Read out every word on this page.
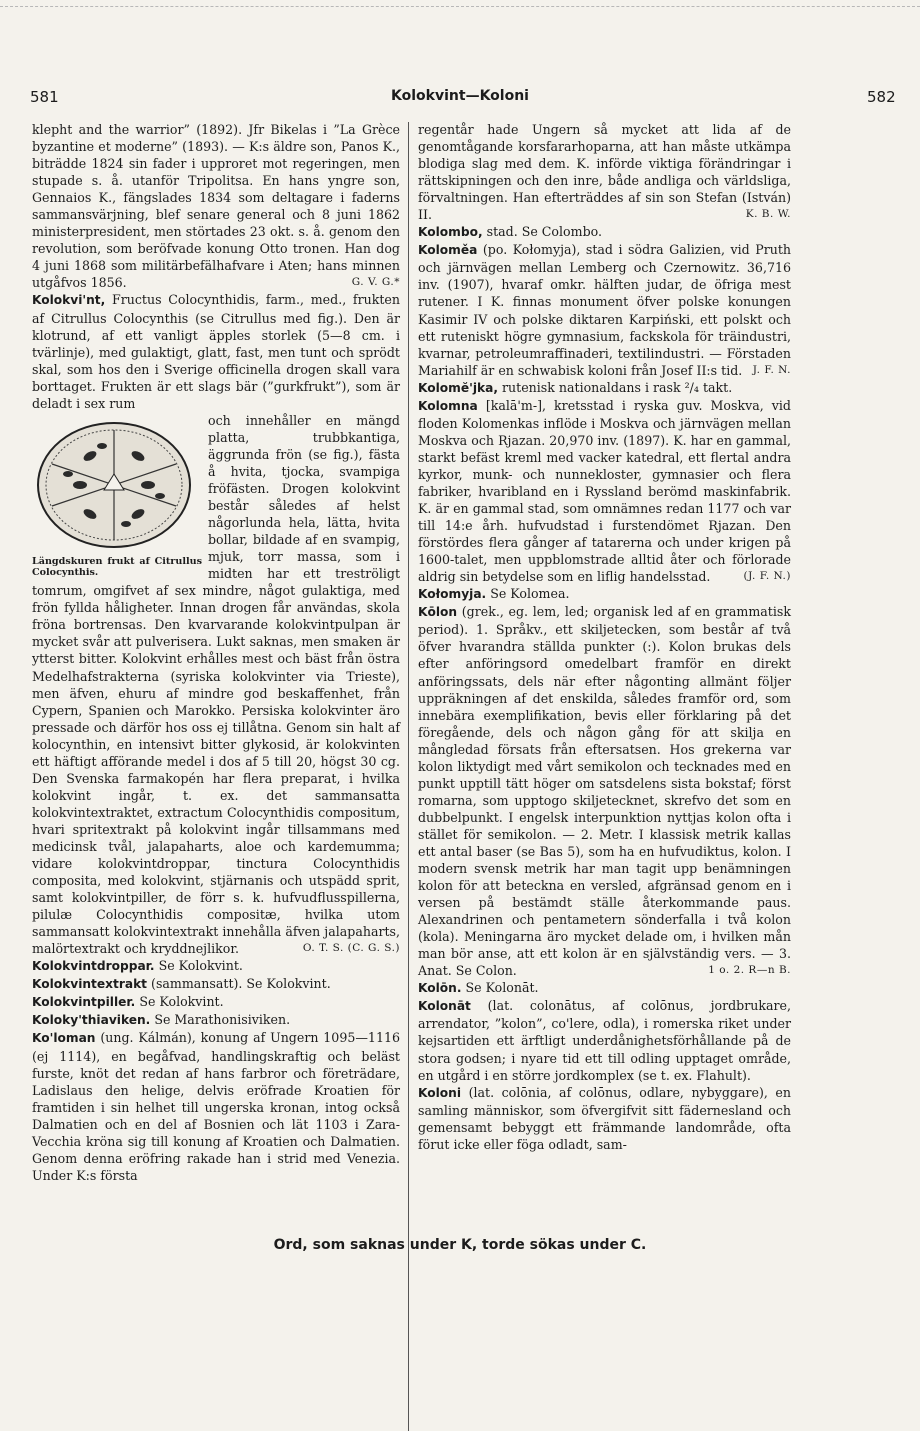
581	Kolokvint—Koloni	582

klepht and the warrior” (1892). Jfr Bikelas i ”La Grèce byzantine et moderne” (1893). — K:s äldre son, Panos K., biträdde 1824 sin fader i upproret mot regeringen, men stupade s. å. utanför Tripolitsa. En hans yngre son, Gennaios K., fängslades 1834 som deltagare i faderns sammansvärjning, blef senare general och 8 juni 1862 ministerpresident, men störtades 23 okt. s. å. genom den revolution, som beröfvade konung Otto tronen. Han dog 4 juni 1868 som militärbefälhafvare i Aten; hans minnen utgåfvos 1856.	G. V. G.*

Kolokvi'nt, Fructus Colocynthidis, farm., med., frukten af Citrullus Colocynthis (se Citrullus med fig.). Den är klotrund, af ett vanligt äpples storlek (5—8 cm. i tvärlinje), med gulaktigt, glatt, fast, men tunt och sprödt skal, som hos den i Sverige officinella drogen skall vara borttaget. Frukten är ett slags bär (”gurkfrukt”), som är deladt i sex rum

Längdskuren frukt af Citrullus Colocynthis.

och innehåller en mängd platta, trubbkantiga, äggrunda frön (se fig.), fästa å hvita, tjocka, svampiga fröfästen. Drogen kolokvint består således af helst någorlunda hela, lätta, hvita bollar, bildade af en svampig, mjuk, torr massa, som i midten har ett treströligt tomrum, omgifvet af sex mindre, något gulaktiga, med frön fyllda håligheter. Innan drogen får användas, skola fröna bortrensas. Den kvarvarande kolokvintpulpan är mycket svår att pulverisera. Lukt saknas, men smaken är ytterst bitter. Kolokvint erhålles mest och bäst från östra Medelhafstrakterna (syriska kolokvinter via Trieste), men äfven, ehuru af mindre god beskaffenhet, från Cypern, Spanien och Marokko. Persiska kolokvinter äro pressade och därför hos oss ej tillåtna. Genom sin halt af kolocynthin, en intensivt bitter glykosid, är kolokvinten ett häftigt afförande medel i dos af 5 till 20, högst 30 cg. Den Svenska farmakopén har flera preparat, i hvilka kolokvint ingår, t. ex. det sammansatta kolokvintextraktet, extractum Colocynthidis compositum, hvari spritextrakt på kolokvint ingår tillsammans med medicinsk tvål, jalapaharts, aloe och kardemumma; vidare kolokvintdroppar, tinctura Colocynthidis composita, med kolokvint, stjärnanis och utspädd sprit, samt kolokvintpiller, de förr s. k. hufvudflusspillerna, pilulæ Colocynthidis compositæ, hvilka utom sammansatt kolokvintextrakt innehålla äfven jalapaharts, malörtextrakt och kryddnejlikor.	O. T. S. (C. G. S.)

Kolokvintdroppar. Se Kolokvint.

Kolokvintextrakt (sammansatt). Se Kolokvint.

Kolokvintpiller. Se Kolokvint.

Koloky'thiaviken. Se Marathonisiviken.

Ko'loman (ung. Kálmán), konung af Ungern 1095—1116 (ej 1114), en begåfvad, handlingskraftig och beläst furste, knöt det redan af hans farbror och företrädare, Ladislaus den helige, delvis eröfrade Kroatien för framtiden i sin helhet till ungerska kronan, intog också Dalmatien och en del af Bosnien och lät 1103 i Zara-Vecchia kröna sig till konung af Kroatien och Dalmatien. Genom denna eröfring rakade han i strid med Venezia. Under K:s första

regentår hade Ungern så mycket att lida af de genomtågande korsfararhoparna, att han måste utkämpa blodiga slag med dem. K. införde viktiga förändringar i rättskipningen och den inre, både andliga och världsliga, förvaltningen. Han efterträddes af sin son Stefan (István) II.	K. B. W.

Kolombo, stad. Se Colombo.

Koloměa (po. Kołomyja), stad i södra Galizien, vid Pruth och järnvägen mellan Lemberg och Czernowitz. 36,716 inv. (1907), hvaraf omkr. hälften judar, de öfriga mest rutener. I K. finnas monument öfver polske konungen Kasimir IV och polske diktaren Karpiński, ett polskt och ett ruteniskt högre gymnasium, fackskola för träindustri, kvarnar, petroleumraffinaderi, textilindustri. — Förstaden Mariahilf är en schwabisk koloni från Josef II:s tid. J. F. N.

Kolomĕ'jka, rutenisk nationaldans i rask ²/₄ takt.

Kolomna [kalā'm-], kretsstad i ryska guv. Moskva, vid floden Kolomenkas inflöde i Moskva och järnvägen mellan Moskva och Rjazan. 20,970 inv. (1897). K. har en gammal, starkt befäst kreml med vacker katedral, ett flertal andra kyrkor, munk- och nunnekloster, gymnasier och flera fabriker, hvaribland en i Ryssland berömd maskinfabrik. K. är en gammal stad, som omnämnes redan 1177 och var till 14:e årh. hufvudstad i furstendömet Rjazan. Den förstördes flera gånger af tatarerna och under krigen på 1600-talet, men uppblomstrade alltid åter och förlorade aldrig sin betydelse som en liflig handelsstad.	(J. F. N.)

Kołomyja. Se Kolomea.

Kōlon (grek., eg. lem, led; organisk led af en grammatisk period). 1. Språkv., ett skiljetecken, som består af två öfver hvarandra ställda punkter (:). Kolon brukas dels efter anföringsord omedelbart framför en direkt anföringssats, dels när efter någonting allmänt följer uppräkningen af det enskilda, således framför ord, som innebära exemplifikation, bevis eller förklaring på det föregående, dels och någon gång för att skilja en mångledad försats från eftersatsen. Hos grekerna var kolon liktydigt med vårt semikolon och tecknades med en punkt upptill tätt höger om satsdelens sista bokstaf; först romarna, som upptogo skiljetecknet, skrefvo det som en dubbelpunkt. I engelsk interpunktion nyttjas kolon ofta i stället för semikolon. — 2. Metr. I klassisk metrik kallas ett antal baser (se Bas 5), som ha en hufvudiktus, kolon. I modern svensk metrik har man tagit upp benämningen kolon för att beteckna en versled, afgränsad genom en i versen på bestämdt ställe återkommande paus. Alexandrinen och pentametern sönderfalla i två kolon (kola). Meningarna äro mycket delade om, i hvilken mån man bör anse, att ett kolon är en självständig vers. — 3. Anat. Se Colon.	1 o. 2. R—n B.

Kolōn. Se Kolonāt.

Kolonāt (lat. colonātus, af colōnus, jordbrukare, arrendator, ”kolon”, co'lere, odla), i romerska riket under kejsartiden ett ärftligt underdånighetsförhållande på de stora godsen; i nyare tid ett till odling upptaget område, en utgård i en större jordkomplex (se t. ex. Flahult).

Koloni (lat. colōnia, af colōnus, odlare, nybyggare), en samling människor, som öfvergifvit sitt fädernesland och gemensamt bebyggt ett främmande landområde, ofta förut icke eller föga odladt, sam-

Ord, som saknas under K, torde sökas under C.
